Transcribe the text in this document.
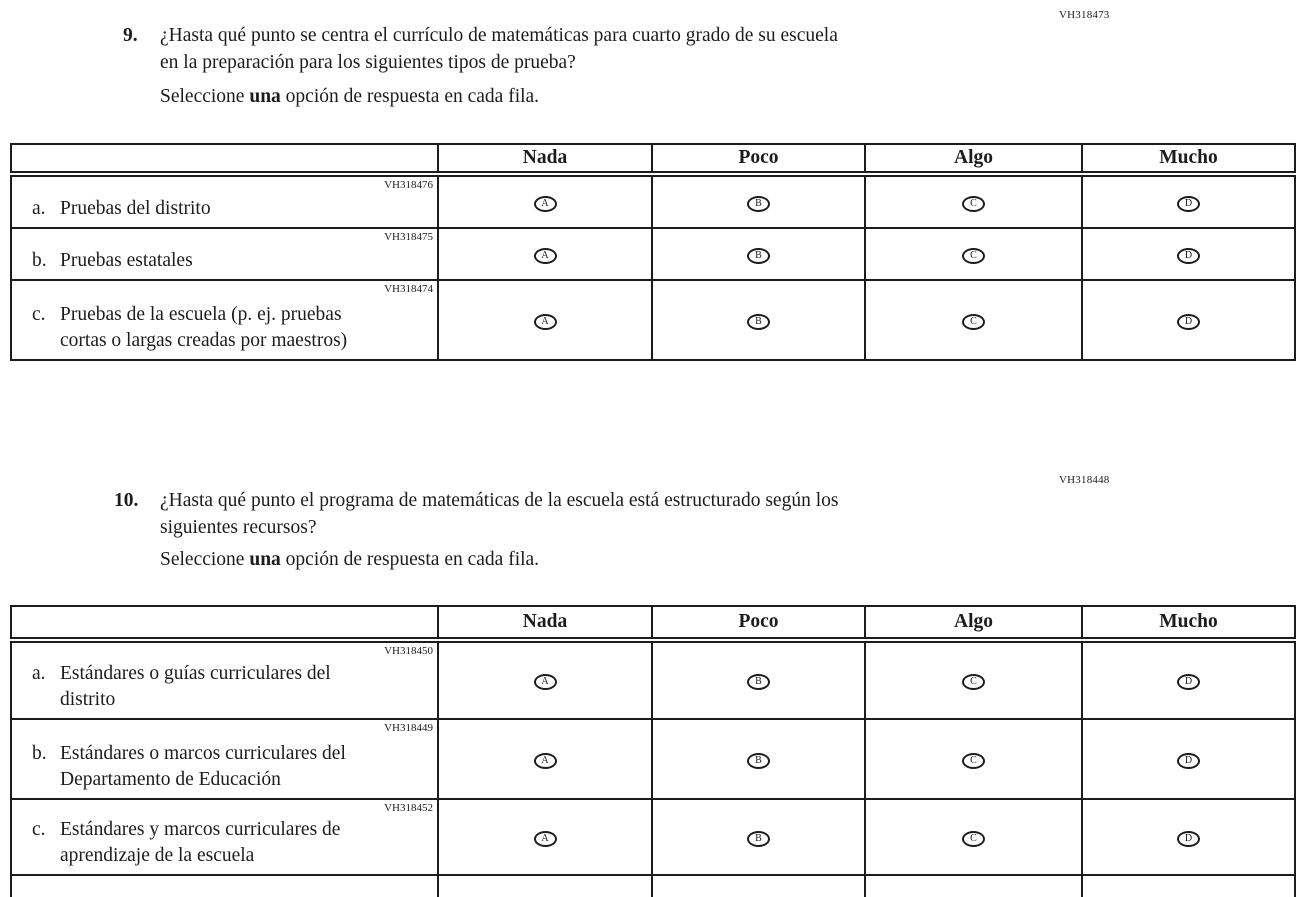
VH318473
9.	¿Hasta qué punto se centra el currículo de matemáticas para cuarto grado de su escuela
en la preparación para los siguientes tipos de prueba?
Seleccione una opción de respuesta en cada fila.
	Nada	Poco	Algo	Mucho

VH318476
a. Pruebas del distrito	A	B	C	D

VH318475
b. Pruebas estatales	A	B	C	D

VH318474
c. Pruebas de la escuela (p. ej. pruebas
cortas o largas creadas por maestros)	A	B	C	D
VH318448
10.	¿Hasta qué punto el programa de matemáticas de la escuela está estructurado según los
siguientes recursos?
Seleccione una opción de respuesta en cada fila.
	Nada	Poco	Algo	Mucho

VH318450
a. Estándares o guías curriculares del
distrito	A	B	C	D

VH318449
b. Estándares o marcos curriculares del
Departamento de Educación	A	B	C	D

VH318452
c. Estándares y marcos curriculares de
aprendizaje de la escuela	A	B	C	D
